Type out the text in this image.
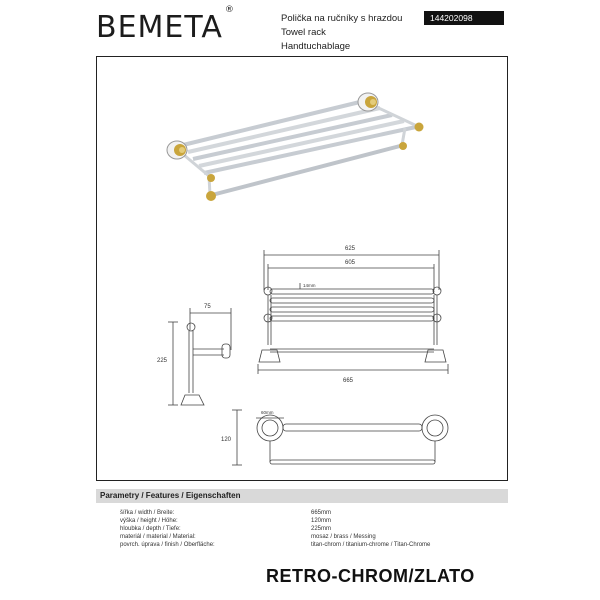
BEMETA ®
Polička na ručníky s hrazdou
Towel rack
Handtuchablage
144202098
625
605
14mm
665
75
225
120
60mm
Parametry / Features / Eigenschaften
šířka / width / Breite:	665mm
výška / height / Höhe:	120mm
hloubka / depth / Tiefe:	225mm
materiál / material / Material:	mosaz / brass / Messing
povrch. úprava / finish / Oberfläche:	titan-chrom / titanium-chrome / Titan-Chrome
RETRO-CHROM/ZLATO
